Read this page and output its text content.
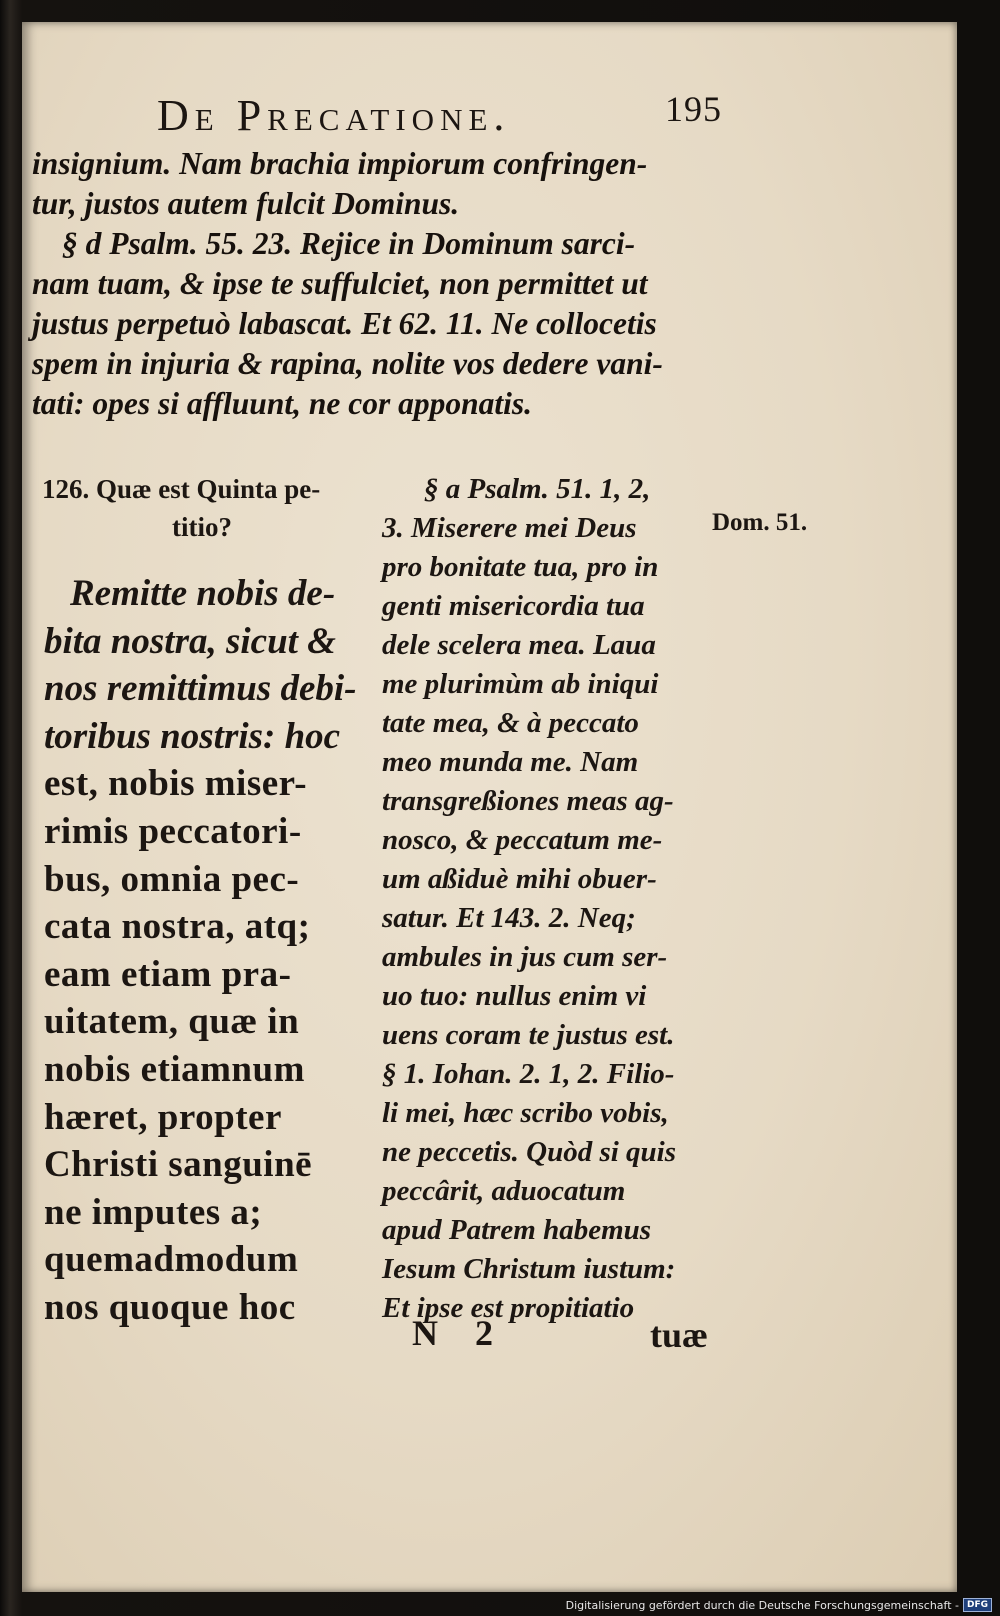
De Precatione.	195
insignium. Nam brachia impiorum confringen-
tur, justos autem fulcit Dominus.
§ d Psalm. 55. 23. Rejice in Dominum sarci-
nam tuam, & ipse te suffulciet, non permittet ut
justus perpetuò labascat. Et 62. 11. Ne collocetis
spem in injuria & rapina, nolite vos dedere vani-
tati: opes si affluunt, ne cor apponatis.
126. Quæ est Quinta pe-
titio?
Remitte nobis de-
bita nostra, sicut &
nos remittimus debi-
toribus nostris: hoc
est, nobis miser-
rimis peccatori-
bus, omnia pec-
cata nostra, atq;
eam etiam pra-
uitatem, quæ in
nobis etiamnum
hæret, propter
Christi sanguinē
ne imputes a;
quemadmodum
nos quoque hoc
§ a Psalm. 51. 1, 2,
3. Miserere mei Deus
pro bonitate tua, pro in
genti misericordia tua
dele scelera mea. Laua
me plurimùm ab iniqui
tate mea, & à peccato
meo munda me. Nam
transgreßiones meas ag-
nosco, & peccatum me-
um aßiduè mihi obuer-
satur. Et 143. 2. Neq;
ambules in jus cum ser-
uo tuo: nullus enim vi
uens coram te justus est.
§ 1. Iohan. 2. 1, 2. Filio-
li mei, hæc scribo vobis,
ne peccetis. Quòd si quis
peccârit, aduocatum
apud Patrem habemus
Iesum Christum iustum:
Et ipse est propitiatio
Dom. 51.
N 2	tuæ
Digitalisierung gefördert durch die Deutsche Forschungsgemeinschaft - DFG
